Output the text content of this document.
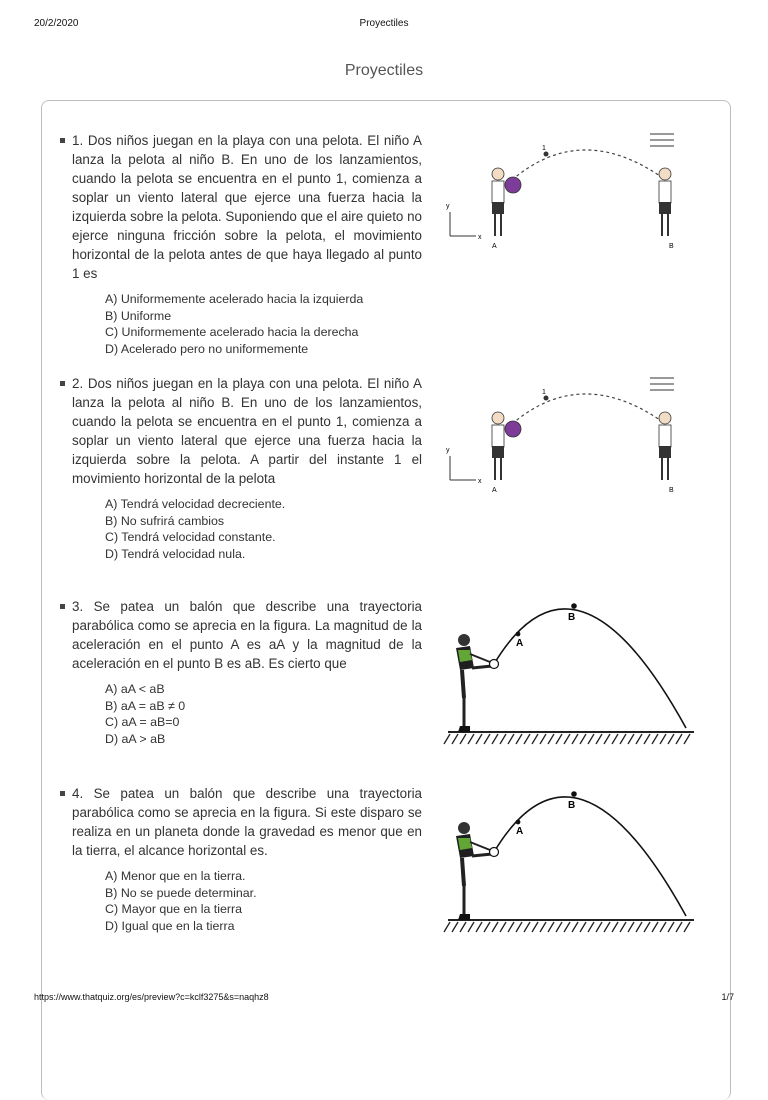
20/2/2020	Proyectiles
Proyectiles

1. Dos niños juegan en la playa con una pelota. El niño A lanza la pelota al niño B. En uno de los lanzamientos, cuando la pelota se encuentra en el punto 1, comienza a soplar un viento lateral que ejerce una fuerza hacia la izquierda sobre la pelota. Suponiendo que el aire quieto no ejerce ninguna fricción sobre la pelota, el movimiento horizontal de la pelota antes de que haya llegado al punto 1 es

A) Uniformemente acelerado hacia la izquierda
B) Uniforme
C) Uniformemente acelerado hacia la derecha
D) Acelerado pero no uniformemente
1
x
y
A	B

2. Dos niños juegan en la playa con una pelota. El niño A lanza la pelota al niño B. En uno de los lanzamientos, cuando la pelota se encuentra en el punto 1, comienza a soplar un viento lateral que ejerce una fuerza hacia la izquierda sobre la pelota. A partir del instante 1 el movimiento horizontal de la pelota

A) Tendrá velocidad decreciente.
B) No sufrirá cambios
C) Tendrá velocidad constante.
D) Tendrá velocidad nula.
1
x
y
A	B

3. Se patea un balón que describe una trayectoria parabólica como se aprecia en la figura. La magnitud de la aceleración en el punto A es aA y la magnitud de la aceleración en el punto B es aB. Es cierto que

A) aA < aB
B) aA = aB ≠ 0
C) aA = aB=0
D) aA > aB
B
A

4. Se patea un balón que describe una trayectoria parabólica como se aprecia en la figura. Si este disparo se realiza en un planeta donde la gravedad es menor que en la tierra, el alcance horizontal es.

A) Menor que en la tierra.
B) No se puede determinar.
C) Mayor que en la tierra
D) Igual que en la tierra
B
A
https://www.thatquiz.org/es/preview?c=kclf3275&s=naqhz8	1/7
